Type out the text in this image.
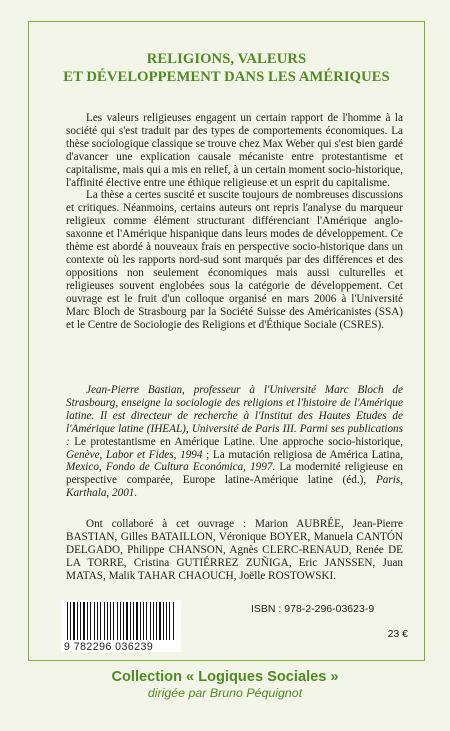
RELIGIONS, VALEURS
ET DÉVELOPPEMENT DANS LES AMÉRIQUES

Les valeurs religieuses engagent un certain rapport de l'homme à la société qui s'est traduit par des types de comportements économiques. La thèse sociologique classique se trouve chez Max Weber qui s'est bien gardé d'avancer une explication causale mécaniste entre protestantisme et capitalisme, mais qui a mis en relief, à un certain moment socio-historique, l'affinité élective entre une éthique religieuse et un esprit du capitalisme.

La thèse a certes suscité et suscite toujours de nombreuses discussions et critiques. Néanmoins, certains auteurs ont repris l'analyse du marqueur religieux comme élément structurant différenciant l'Amérique anglo-saxonne et l'Amérique hispanique dans leurs modes de développement. Ce thème est abordé à nouveaux frais en perspective socio-historique dans un contexte où les rapports nord-sud sont marqués par des différences et des oppositions non seulement économiques mais aussi culturelles et religieuses souvent englobées sous la catégorie de développement. Cet ouvrage est le fruit d'un colloque organisé en mars 2006 à l'Université Marc Bloch de Strasbourg par la Société Suisse des Américanistes (SSA) et le Centre de Sociologie des Religions et d'Éthique Sociale (CSRES).

Jean-Pierre Bastian, professeur à l'Université Marc Bloch de Strasbourg, enseigne la sociologie des religions et l'histoire de l'Amérique latine. Il est directeur de recherche à l'Institut des Hautes Etudes de l'Amérique latine (IHEAL), Université de Paris III. Parmi ses publications : Le protestantisme en Amérique Latine. Une approche socio-historique, Genève, Labor et Fides, 1994 ; La mutación religiosa de América Latina, Mexico, Fondo de Cultura Económica, 1997. La modernité religieuse en perspective comparée, Europe latine-Amérique latine (éd.), Paris, Karthala, 2001.

Ont collaboré à cet ouvrage : Marion AUBRÉE, Jean-Pierre BASTIAN, Gilles BATAILLON, Véronique BOYER, Manuela CANTÓN DELGADO, Philippe CHANSON, Agnès CLERC-RENAUD, Renée DE LA TORRE, Cristina GUTIÉRREZ ZUÑIGA, Eric JANSSEN, Juan MATAS, Malik TAHAR CHAOUCH, Joëlle ROSTOWSKI.

9 782296 036239
ISBN : 978-2-296-03623-9
23 €
Collection « Logiques Sociales »
dirigée par Bruno Péquignot
